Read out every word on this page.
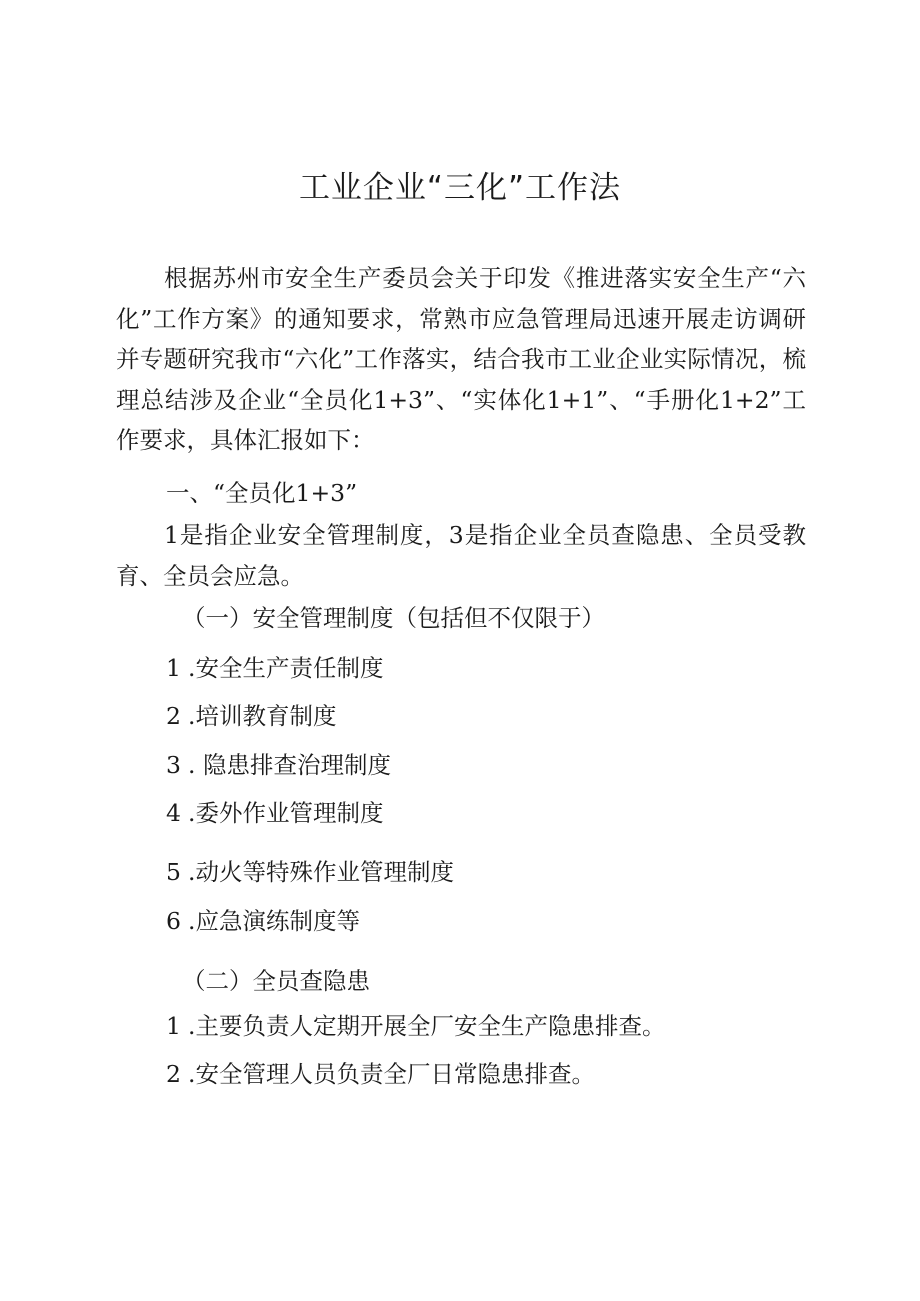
工业企业“三化”工作法
根据苏州市安全生产委员会关于印发《推进落实安全生产“六化”工作方案》的通知要求，常熟市应急管理局迅速开展走访调研并专题研究我市“六化”工作落实，结合我市工业企业实际情况，梳理总结涉及企业“全员化1+3”、“实体化1+1”、“手册化1+2”工作要求，具体汇报如下：
一、“全员化1+3”
1是指企业安全管理制度，3是指企业全员查隐患、全员受教育、全员会应急。
（一）安全管理制度（包括但不仅限于）
1 .安全生产责任制度
2 .培训教育制度
3 . 隐患排查治理制度
4 .委外作业管理制度
5 .动火等特殊作业管理制度
6 .应急演练制度等
（二）全员查隐患
1 .主要负责人定期开展全厂安全生产隐患排查。
2 .安全管理人员负责全厂日常隐患排查。
